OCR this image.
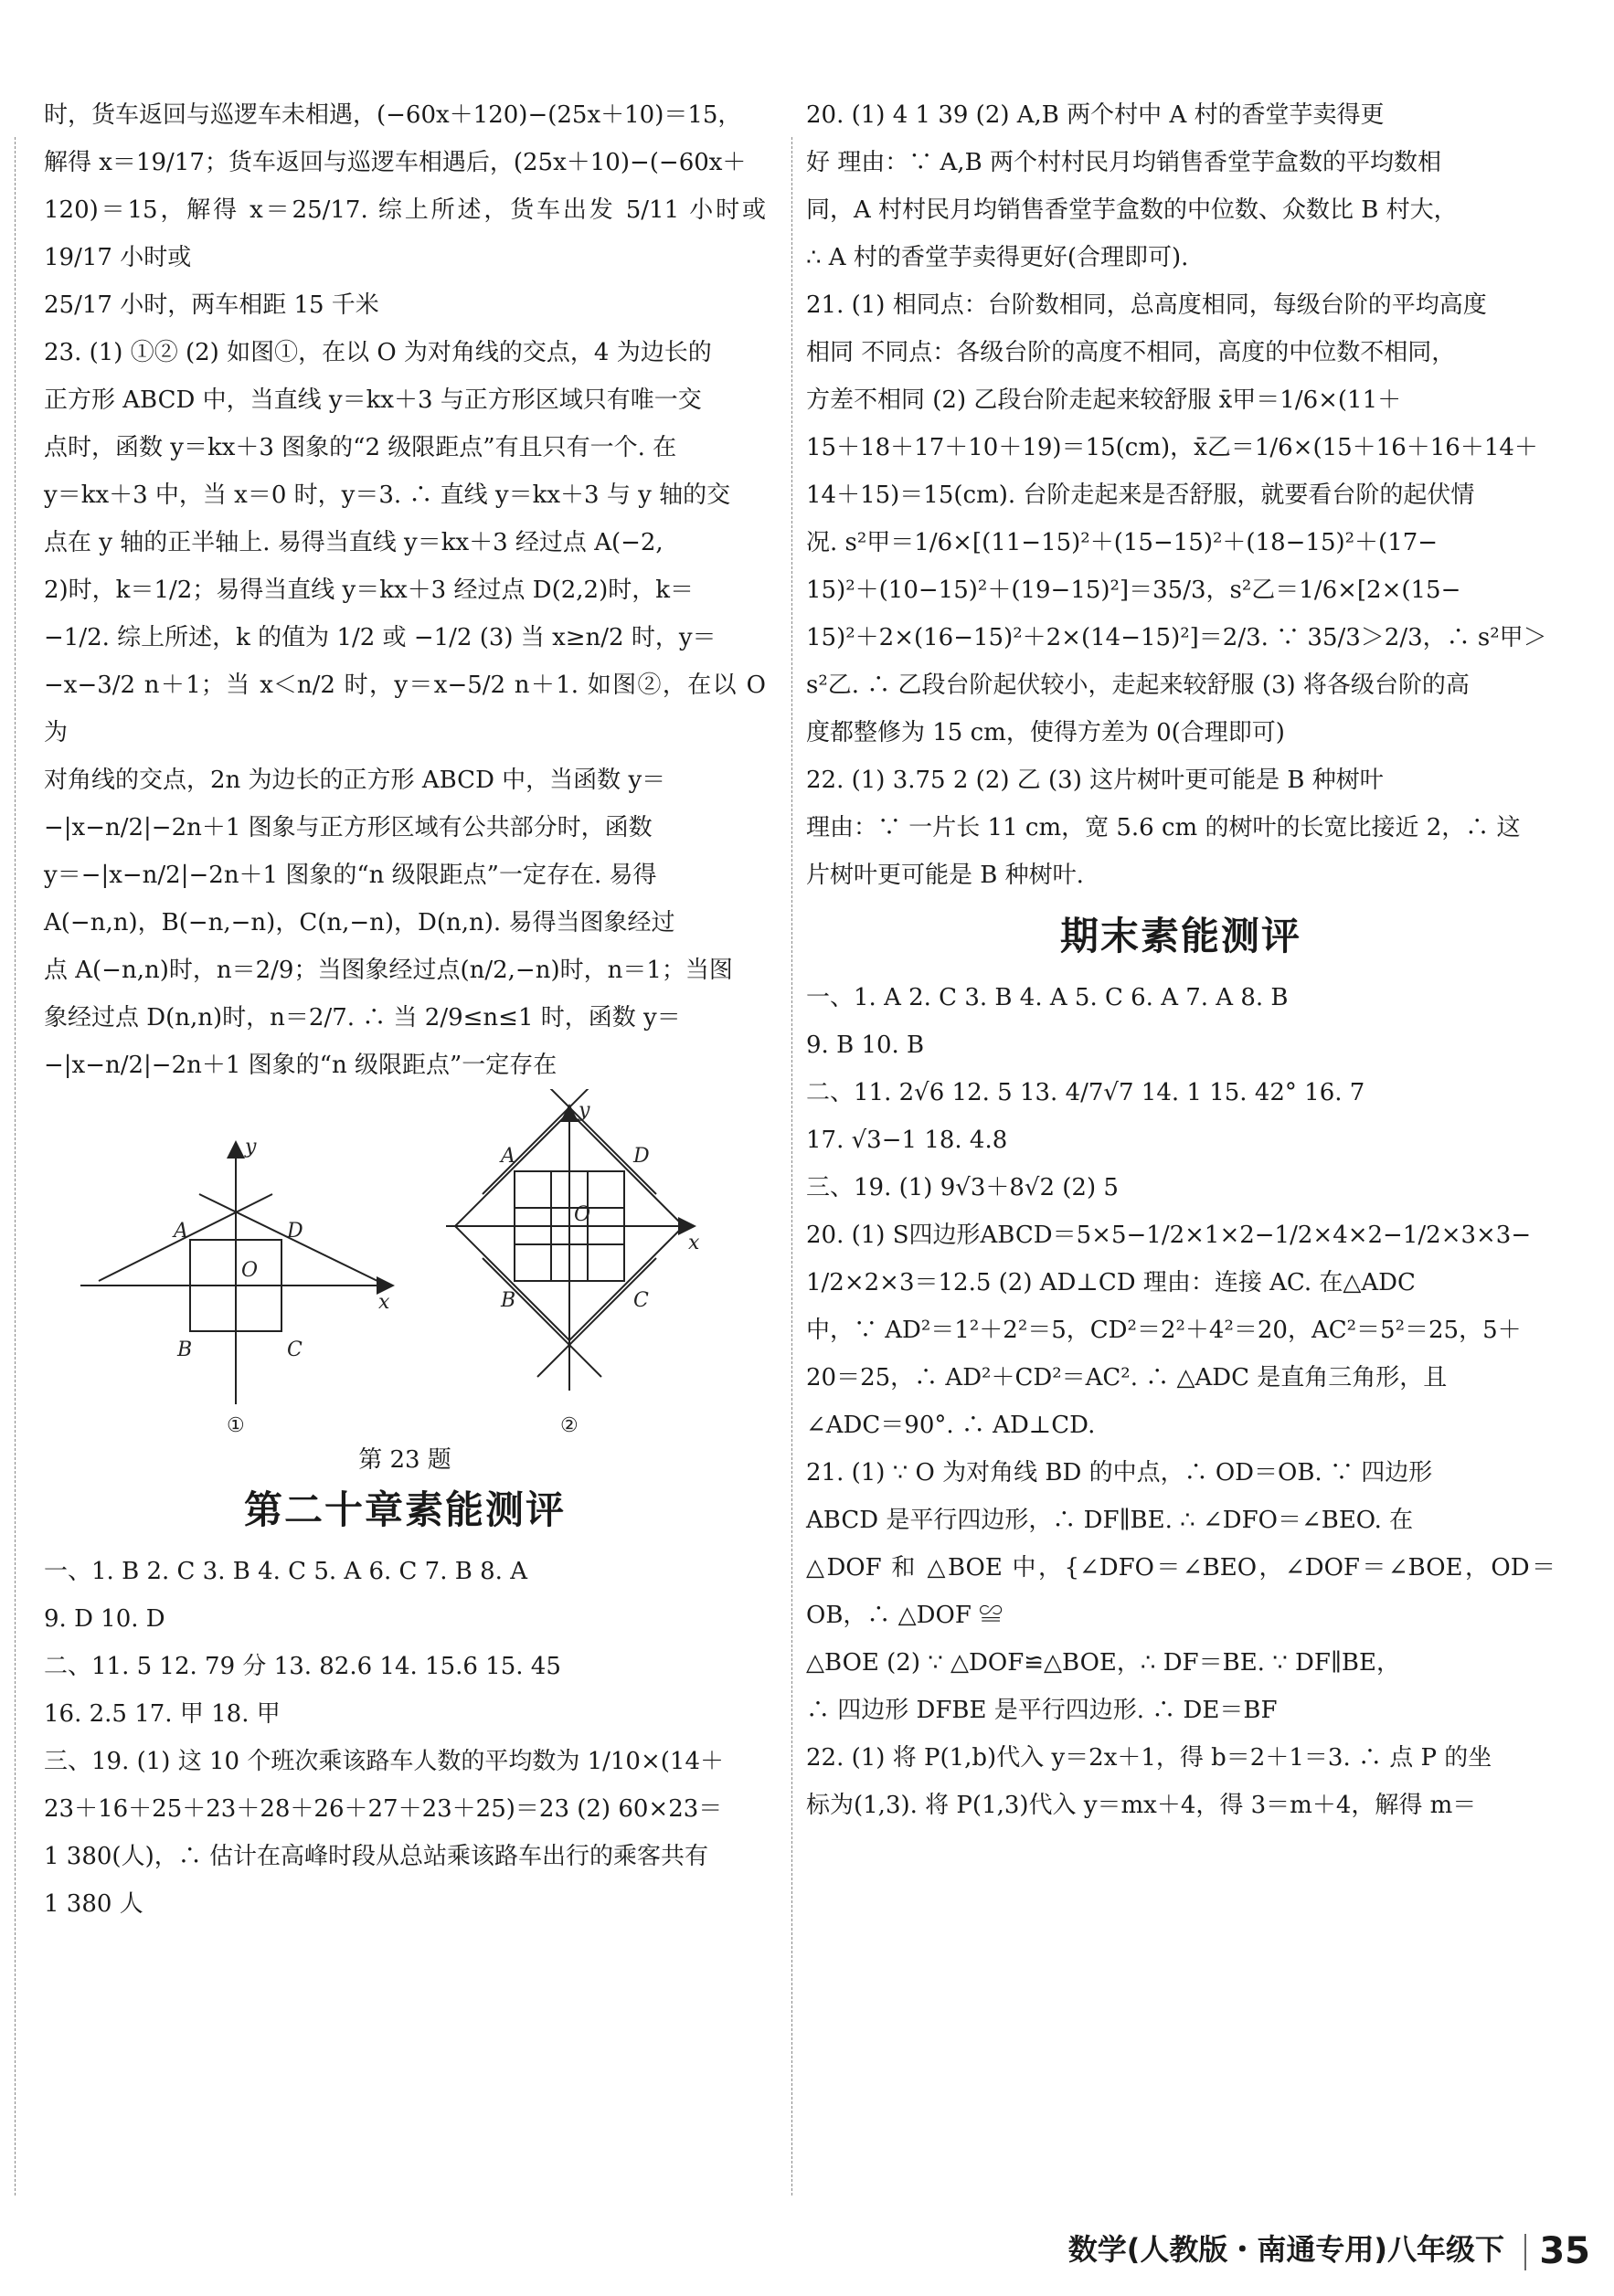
时，货车返回与巡逻车未相遇，(−60x＋120)−(25x＋10)＝15，

解得 x＝19/17；货车返回与巡逻车相遇后，(25x＋10)−(−60x＋

120)＝15，解得 x＝25/17. 综上所述，货车出发 5/11 小时或 19/17 小时或

25/17 小时，两车相距 15 千米

23. (1) ①② (2) 如图①，在以 O 为对角线的交点，4 为边长的

正方形 ABCD 中，当直线 y＝kx＋3 与正方形区域只有唯一交

点时，函数 y＝kx＋3 图象的“2 级限距点”有且只有一个. 在

y＝kx＋3 中，当 x＝0 时，y＝3. ∴ 直线 y＝kx＋3 与 y 轴的交

点在 y 轴的正半轴上. 易得当直线 y＝kx＋3 经过点 A(−2,

2)时，k＝1/2；易得当直线 y＝kx＋3 经过点 D(2,2)时，k＝

−1/2. 综上所述，k 的值为 1/2 或 −1/2 (3) 当 x≥n/2 时，y＝

−x−3/2 n＋1；当 x＜n/2 时，y＝x−5/2 n＋1. 如图②，在以 O 为

对角线的交点，2n 为边长的正方形 ABCD 中，当函数 y＝

−|x−n/2|−2n＋1 图象与正方形区域有公共部分时，函数

y＝−|x−n/2|−2n＋1 图象的“n 级限距点”一定存在. 易得

A(−n,n)，B(−n,−n)，C(n,−n)，D(n,n). 易得当图象经过

点 A(−n,n)时，n＝2/9；当图象经过点(n/2,−n)时，n＝1；当图

象经过点 D(n,n)时，n＝2/7. ∴ 当 2/9≤n≤1 时，函数 y＝

−|x−n/2|−2n＋1 图象的“n 级限距点”一定存在

A	D
O
B	C
x
y
①
A	D
O
B	C
x
y
②
第 23 题
第二十章素能测评

一、1. B 2. C 3. B 4. C 5. A 6. C 7. B 8. A

9. D 10. D

二、11. 5 12. 79 分 13. 82.6 14. 15.6 15. 45

16. 2.5 17. 甲 18. 甲

三、19. (1) 这 10 个班次乘该路车人数的平均数为 1/10×(14＋

23＋16＋25＋23＋28＋26＋27＋23＋25)＝23 (2) 60×23＝

1 380(人)，∴ 估计在高峰时段从总站乘该路车出行的乘客共有

1 380 人

20. (1) 4 1 39 (2) A,B 两个村中 A 村的香堂芋卖得更

好 理由：∵ A,B 两个村村民月均销售香堂芋盒数的平均数相

同，A 村村民月均销售香堂芋盒数的中位数、众数比 B 村大，

∴ A 村的香堂芋卖得更好(合理即可).

21. (1) 相同点：台阶数相同，总高度相同，每级台阶的平均高度

相同 不同点：各级台阶的高度不相同，高度的中位数不相同，

方差不相同 (2) 乙段台阶走起来较舒服 x̄甲＝1/6×(11＋

15＋18＋17＋10＋19)＝15(cm)，x̄乙＝1/6×(15＋16＋16＋14＋

14＋15)＝15(cm). 台阶走起来是否舒服，就要看台阶的起伏情

况. s²甲＝1/6×[(11−15)²＋(15−15)²＋(18−15)²＋(17−

15)²＋(10−15)²＋(19−15)²]＝35/3，s²乙＝1/6×[2×(15−

15)²＋2×(16−15)²＋2×(14−15)²]＝2/3. ∵ 35/3＞2/3，∴ s²甲＞

s²乙. ∴ 乙段台阶起伏较小，走起来较舒服 (3) 将各级台阶的高

度都整修为 15 cm，使得方差为 0(合理即可)

22. (1) 3.75 2 (2) 乙 (3) 这片树叶更可能是 B 种树叶

理由：∵ 一片长 11 cm，宽 5.6 cm 的树叶的长宽比接近 2，∴ 这

片树叶更可能是 B 种树叶.

期末素能测评

一、1. A 2. C 3. B 4. A 5. C 6. A 7. A 8. B

9. B 10. B

二、11. 2√6 12. 5 13. 4/7√7 14. 1 15. 42° 16. 7

17. √3−1 18. 4.8

三、19. (1) 9√3＋8√2 (2) 5

20. (1) S四边形ABCD＝5×5−1/2×1×2−1/2×4×2−1/2×3×3−

1/2×2×3＝12.5 (2) AD⊥CD 理由：连接 AC. 在△ADC

中，∵ AD²＝1²＋2²＝5，CD²＝2²＋4²＝20，AC²＝5²＝25，5＋

20＝25，∴ AD²＋CD²＝AC². ∴ △ADC 是直角三角形，且

∠ADC＝90°. ∴ AD⊥CD.

21. (1) ∵ O 为对角线 BD 的中点，∴ OD＝OB. ∵ 四边形

ABCD 是平行四边形，∴ DF∥BE. ∴ ∠DFO＝∠BEO. 在

△DOF 和 △BOE 中，{∠DFO＝∠BEO，∠DOF＝∠BOE，OD＝OB，∴ △DOF ≌

△BOE (2) ∵ △DOF≌△BOE，∴ DF＝BE. ∵ DF∥BE，

∴ 四边形 DFBE 是平行四边形. ∴ DE＝BF

22. (1) 将 P(1,b)代入 y＝2x＋1，得 b＝2＋1＝3. ∴ 点 P 的坐

标为(1,3). 将 P(1,3)代入 y＝mx＋4，得 3＝m＋4，解得 m＝

数学(人教版・南通专用)八年级下 35
